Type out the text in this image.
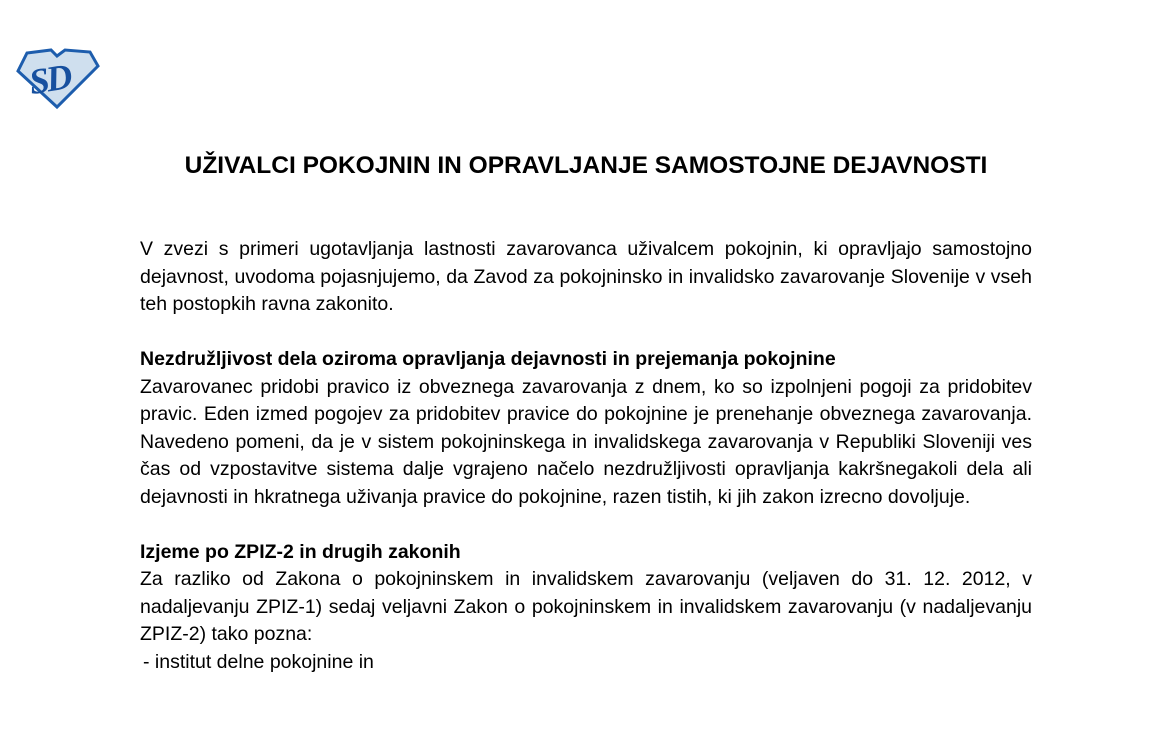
SD
UŽIVALCI POKOJNIN IN OPRAVLJANJE SAMOSTOJNE DEJAVNOSTI

V zvezi s primeri ugotavljanja lastnosti zavarovanca uživalcem pokojnin, ki opravljajo samostojno dejavnost, uvodoma pojasnjujemo, da Zavod za pokojninsko in invalidsko zavarovanje Slovenije v vseh teh postopkih ravna zakonito.

Nezdružljivost dela oziroma opravljanja dejavnosti in prejemanja pokojnine

Zavarovanec pridobi pravico iz obveznega zavarovanja z dnem, ko so izpolnjeni pogoji za pridobitev pravic. Eden izmed pogojev za pridobitev pravice do pokojnine je prenehanje obveznega zavarovanja. Navedeno pomeni, da je v sistem pokojninskega in invalidskega zavarovanja v Republiki Sloveniji ves čas od vzpostavitve sistema dalje vgrajeno načelo nezdružljivosti opravljanja kakršnegakoli dela ali dejavnosti in hkratnega uživanja pravice do pokojnine, razen tistih, ki jih zakon izrecno dovoljuje.

Izjeme po ZPIZ-2 in drugih zakonih

Za razliko od Zakona o pokojninskem in invalidskem zavarovanju (veljaven do 31. 12. 2012, v nadaljevanju ZPIZ-1) sedaj veljavni Zakon o pokojninskem in invalidskem zavarovanju (v nadaljevanju ZPIZ-2) tako pozna:

- institut delne pokojnine in
